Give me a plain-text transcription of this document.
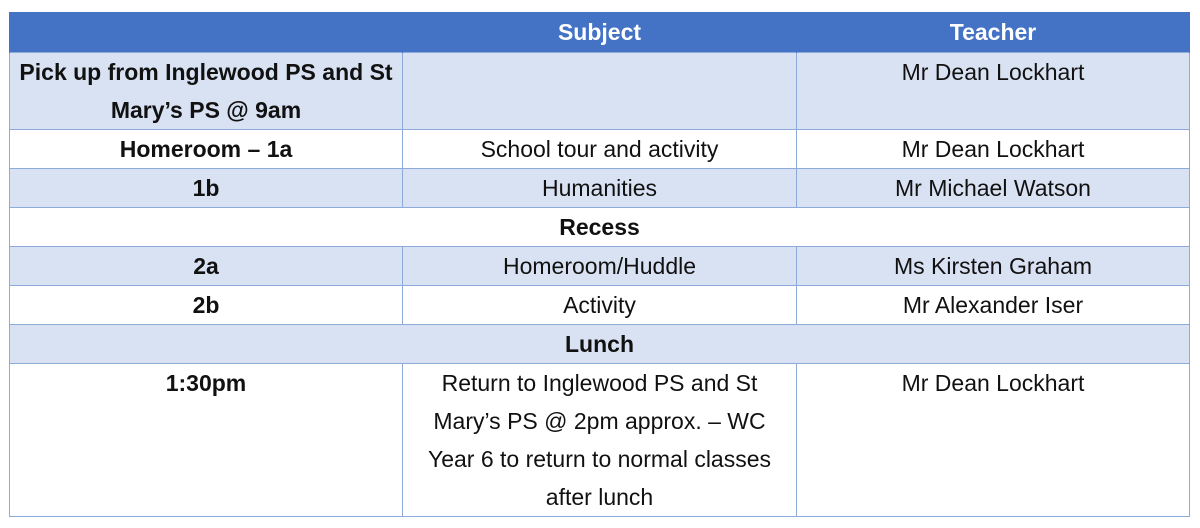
	Subject	Teacher
Pick up from Inglewood PS and St Mary’s PS @ 9am		Mr Dean Lockhart
Homeroom – 1a	School tour and activity	Mr Dean Lockhart
1b	Humanities	Mr Michael Watson
Recess		
2a	Homeroom/Huddle	Ms Kirsten Graham
2b	Activity	Mr Alexander Iser
Lunch		
1:30pm	Return to Inglewood PS and St Mary’s PS @ 2pm approx. – WC Year 6 to return to normal classes after lunch	Mr Dean Lockhart
